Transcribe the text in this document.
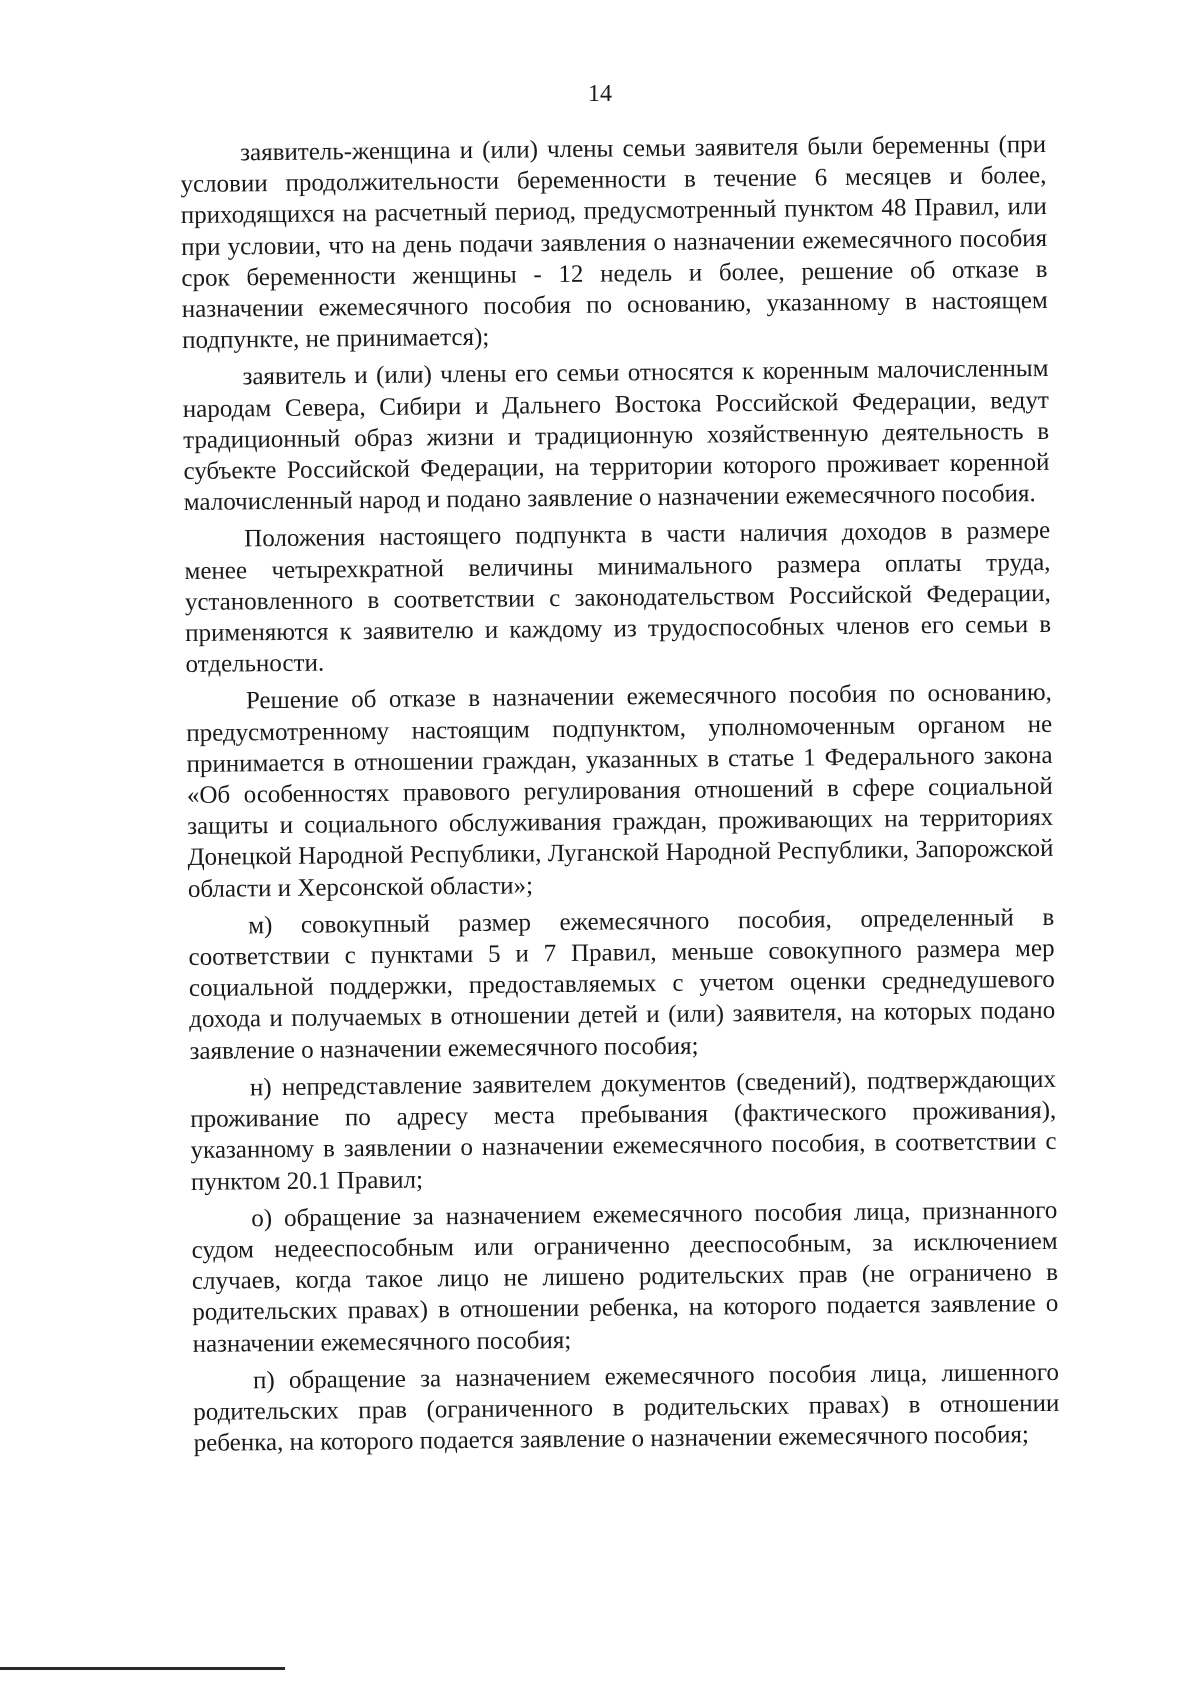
14

заявитель-женщина и (или) члены семьи заявителя были беременны (при условии продолжительности беременности в течение 6 месяцев и более, приходящихся на расчетный период, предусмотренный пунктом 48 Правил, или при условии, что на день подачи заявления о назначении ежемесячного пособия срок беременности женщины - 12 недель и более, решение об отказе в назначении ежемесячного пособия по основанию, указанному в настоящем подпункте, не принимается);

заявитель и (или) члены его семьи относятся к коренным малочисленным народам Севера, Сибири и Дальнего Востока Российской Федерации, ведут традиционный образ жизни и традиционную хозяйственную деятельность в субъекте Российской Федерации, на территории которого проживает коренной малочисленный народ и подано заявление о назначении ежемесячного пособия.

Положения настоящего подпункта в части наличия доходов в размере менее четырехкратной величины минимального размера оплаты труда, установленного в соответствии с законодательством Российской Федерации, применяются к заявителю и каждому из трудоспособных членов его семьи в отдельности.

Решение об отказе в назначении ежемесячного пособия по основанию, предусмотренному настоящим подпунктом, уполномоченным органом не принимается в отношении граждан, указанных в статье 1 Федерального закона «Об особенностях правового регулирования отношений в сфере социальной защиты и социального обслуживания граждан, проживающих на территориях Донецкой Народной Республики, Луганской Народной Республики, Запорожской области и Херсонской области»;

м) совокупный размер ежемесячного пособия, определенный в соответствии с пунктами 5 и 7 Правил, меньше совокупного размера мер социальной поддержки, предоставляемых с учетом оценки среднедушевого дохода и получаемых в отношении детей и (или) заявителя, на которых подано заявление о назначении ежемесячного пособия;

н) непредставление заявителем документов (сведений), подтверждающих проживание по адресу места пребывания (фактического проживания), указанному в заявлении о назначении ежемесячного пособия, в соответствии с пунктом 20.1 Правил;

о) обращение за назначением ежемесячного пособия лица, признанного судом недееспособным или ограниченно дееспособным, за исключением случаев, когда такое лицо не лишено родительских прав (не ограничено в родительских правах) в отношении ребенка, на которого подается заявление о назначении ежемесячного пособия;

п) обращение за назначением ежемесячного пособия лица, лишенного родительских прав (ограниченного в родительских правах) в отношении ребенка, на которого подается заявление о назначении ежемесячного пособия;
